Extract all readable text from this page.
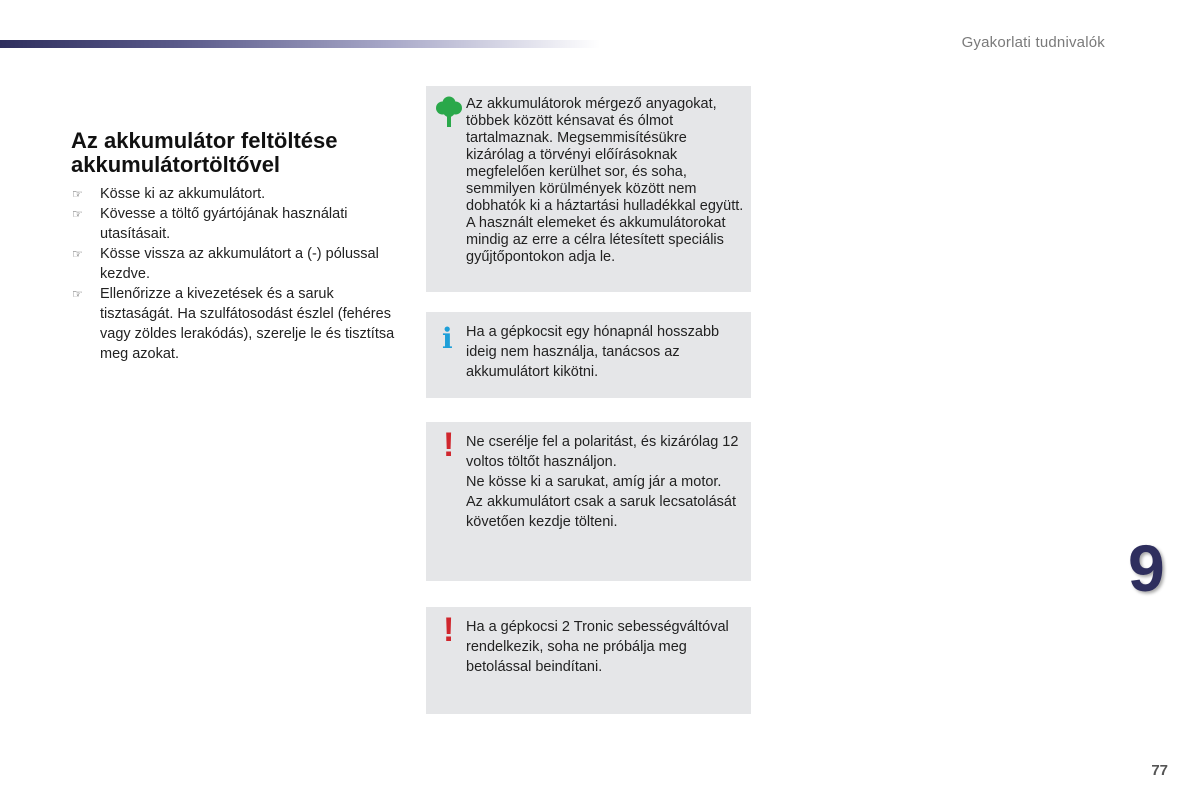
Gyakorlati tudnivalók
Az akkumulátor feltöltése akkumulátortöltővel
☞ Kösse ki az akkumulátort.
☞ Kövesse a töltő gyártójának használati utasításait.
☞ Kösse vissza az akkumulátort a (-) pólussal kezdve.
☞ Ellenőrizze a kivezetések és a saruk tisztaságát. Ha szulfátosodást észlel (fehéres vagy zöldes lerakódás), szerelje le és tisztítsa meg azokat.

Az akkumulátorok mérgező anyagokat, többek között kénsavat és ólmot tartalmaznak. Megsemmisítésükre kizárólag a törvényi előírásoknak megfelelően kerülhet sor, és soha, semmilyen körülmények között nem dobhatók ki a háztartási hulladékkal együtt.

A használt elemeket és akkumulátorokat mindig az erre a célra létesített speciális gyűjtőpontokon adja le.

i Ha a gépkocsit egy hónapnál hosszabb ideig nem használja, tanácsos az akkumulátort kikötni.

! Ne cserélje fel a polaritást, és kizárólag 12 voltos töltőt használjon.

Ne kösse ki a sarukat, amíg jár a motor.

Az akkumulátort csak a saruk lecsatolását követően kezdje tölteni.

! Ha a gépkocsi 2 Tronic sebességváltóval rendelkezik, soha ne próbálja meg betolással beindítani.

9
77
